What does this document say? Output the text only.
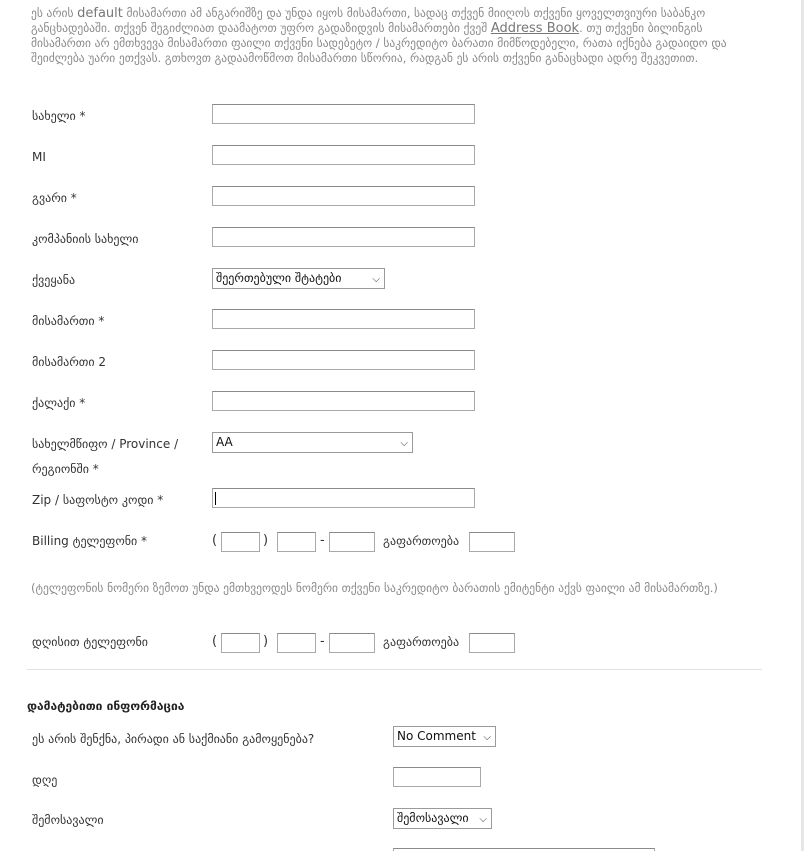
ეს არის default მისამართი ამ ანგარიშზე და უნდა იყოს მისამართი, სადაც თქვენ მიიღოს თქვენი ყოველთვიური საბანკო განცხადებაში. თქვენ შეგიძლიათ დაამატოთ უფრო გადაზიდვის მისამართები ქვეშ Address Book. თუ თქვენი ბილინგის მისამართი არ ემთხვევა მისამართი ფაილი თქვენი სადებეტო / საკრედიტო ბარათი მიმწოდებელი, რათა იქნება გადაიდო და შეიძლება უარი ეთქვას. გთხოვთ გადაამოწმოთ მისამართი სწორია, რადგან ეს არის თქვენი განაცხადი ადრე შეკვეთით.
სახელი *
MI
გვარი *
კომპანიის სახელი
ქვეყანა	შეერთებული შტატები	⌵
მისამართი *
მისამართი 2
ქალაქი *
სახელმწიფო / Province /
რეგიონში *
AA	⌵
Zip / საფოსტო კოდი *
Billing ტელეფონი *	(	)	-	გაფართოება
(ტელეფონის ნომერი ზემოთ უნდა ემთხვეოდეს ნომერი თქვენი საკრედიტო ბარათის ემიტენტი აქვს ფაილი ამ მისამართზე.)
დღისით ტელეფონი	(	)	-	გაფართოება
დამატებითი ინფორმაცია
ეს არის შენქნა, პირადი ან საქმიანი გამოყენება?	No Comment ⌵
დღე
შემოსავალი	შემოსავალი ⌵
